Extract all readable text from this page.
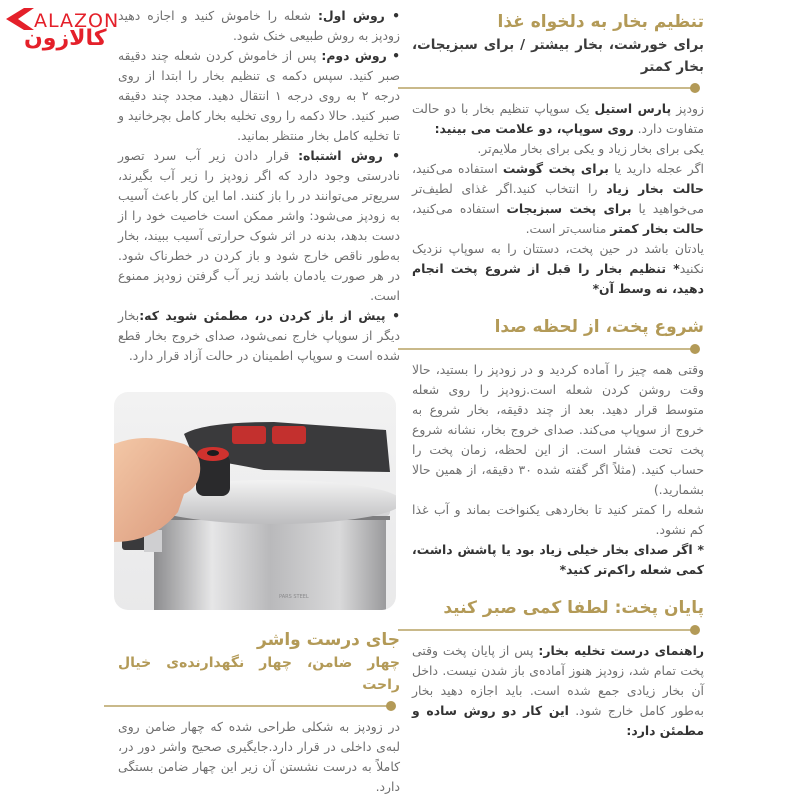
ALAZON
کالازون
تنظیم بخار به دلخواه غذا
برای خورشت، بخار بیشتر / برای سبزیجات، بخار کمتر

زودپز پارس استیل یک سوپاپ تنظیم بخار با دو حالت متفاوت دارد. روی سوپاپ، دو علامت می بینید:

یکی برای بخار زیاد و یکی برای بخار ملایم‌تر.

اگر عجله دارید یا برای پخت گوشت استفاده می‌کنید، حالت بخار زیاد را انتخاب کنید.اگر غذای لطیف‌تر می‌خواهید یا برای پخت سبزیجات استفاده می‌کنید، حالت بخار کمتر مناسب‌تر است.

یادتان باشد در حین پخت، دستتان را به سوپاپ نزدیک نکنید* تنظیم بخار را قبل از شروع پخت انجام دهید، نه وسط آن*

شروع پخت، از لحظه صدا

وقتی همه چیز را آماده کردید و در زودپز را بستید، حالا وقت روشن کردن شعله است.زودپز را روی شعله متوسط قرار دهید. بعد از چند دقیقه، بخار شروع به خروج از سوپاپ می‌کند. صدای خروج بخار، نشانه شروع پخت تحت فشار است. از این لحظه، زمان پخت را حساب کنید. (مثلاً اگر گفته شده ۳۰ دقیقه، از همین حالا بشمارید.)

شعله را کمتر کنید تا بخاردهی یکنواخت بماند و آب غذا کم نشود.

* اگر صدای بخار خیلی زیاد بود یا پاشش داشت، کمی شعله راکم‌تر کنید*

پایان پخت: لطفا کمی صبر کنید

راهنمای درست تخلیه بخار: پس از پایان پخت وقتی پخت تمام شد، زودپز هنوز آماده‌ی باز شدن نیست. داخل آن بخار زیادی جمع شده است. باید اجازه دهید بخار به‌طور کامل خارج شود. این کار دو روش ساده و مطمئن دارد:

• روش اول: شعله را خاموش کنید و اجازه دهید زودپز به روش طبیعی خنک شود.

• روش دوم: پس از خاموش کردن شعله چند دقیقه صبر کنید. سپس دکمه ی تنظیم بخار را ابتدا از روی درجه ۲ به روی درجه ۱ انتقال دهید. مجدد چند دقیقه صبر کنید. حالا دکمه را روی تخلیه بخار کامل بچرخانید و تا تخلیه کامل بخار منتظر بمانید.

• روش اشتباه: قرار دادن زیر آب سرد تصور نادرستی وجود دارد که اگر زودپز را زیر آب بگیرند، سریع‌تر می‌توانند در را باز کنند. اما این کار باعث آسیب به زودپز می‌شود: واشر ممکن است خاصیت خود را از دست بدهد، بدنه در اثر شوک حرارتی آسیب ببیند، بخار به‌طور ناقص خارج شود و باز کردن در خطرناک شود. در هر صورت یادمان باشد زیر آب گرفتن زودپز ممنوع است.

• پیش از باز کردن در، مطمئن شوید که:بخار دیگر از سوپاپ خارج نمی‌شود، صدای خروج بخار قطع شده است و سوپاپ اطمینان در حالت آزاد قرار دارد.

PARS STEEL
جای درست واشر
چهار ضامن، چهار نگهدارنده‌ی خیال راحت

در زودپز به شکلی طراحی شده که چهار ضامن روی لبه‌ی داخلی در قرار دارد.جایگیری صحیح واشر دور در، کاملاً به درست نشستن آن زیر این چهار ضامن بستگی دارد.
